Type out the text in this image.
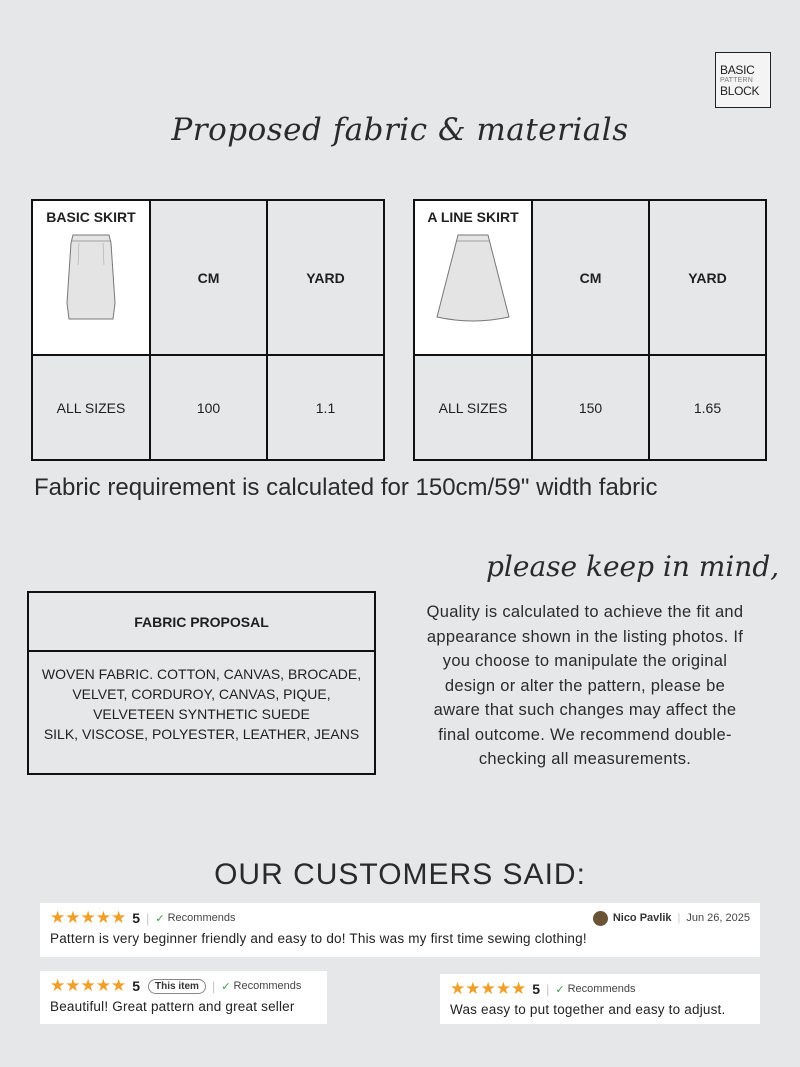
BASIC
PATTERN
BLOCK
Proposed fabric & materials
BASIC SKIRT	CM	YARD
ALL SIZES	100	1.1
A LINE SKIRT	CM	YARD
ALL SIZES	150	1.65
Fabric requirement is calculated for 150cm/59" width fabric
please keep in mind,
FABRIC PROPOSAL
WOVEN FABRIC. COTTON, CANVAS, BROCADE,
VELVET, CORDUROY, CANVAS, PIQUE,
VELVETEEN SYNTHETIC SUEDE
SILK, VISCOSE, POLYESTER, LEATHER, JEANS
Quality is calculated to achieve the fit and
appearance shown in the listing photos. If
you choose to manipulate the original
design or alter the pattern, please be
aware that such changes may affect the
final outcome. We recommend double-
checking all measurements.
OUR CUSTOMERS SAID:
★★★★★ 5 | ✓ Recommends	Nico Pavlik | Jun 26, 2025
Pattern is very beginner friendly and easy to do! This was my first time sewing clothing!
★★★★★ 5	This item	| ✓ Recommends
Beautiful! Great pattern and great seller
★★★★★ 5 | ✓ Recommends
Was easy to put together and easy to adjust.
